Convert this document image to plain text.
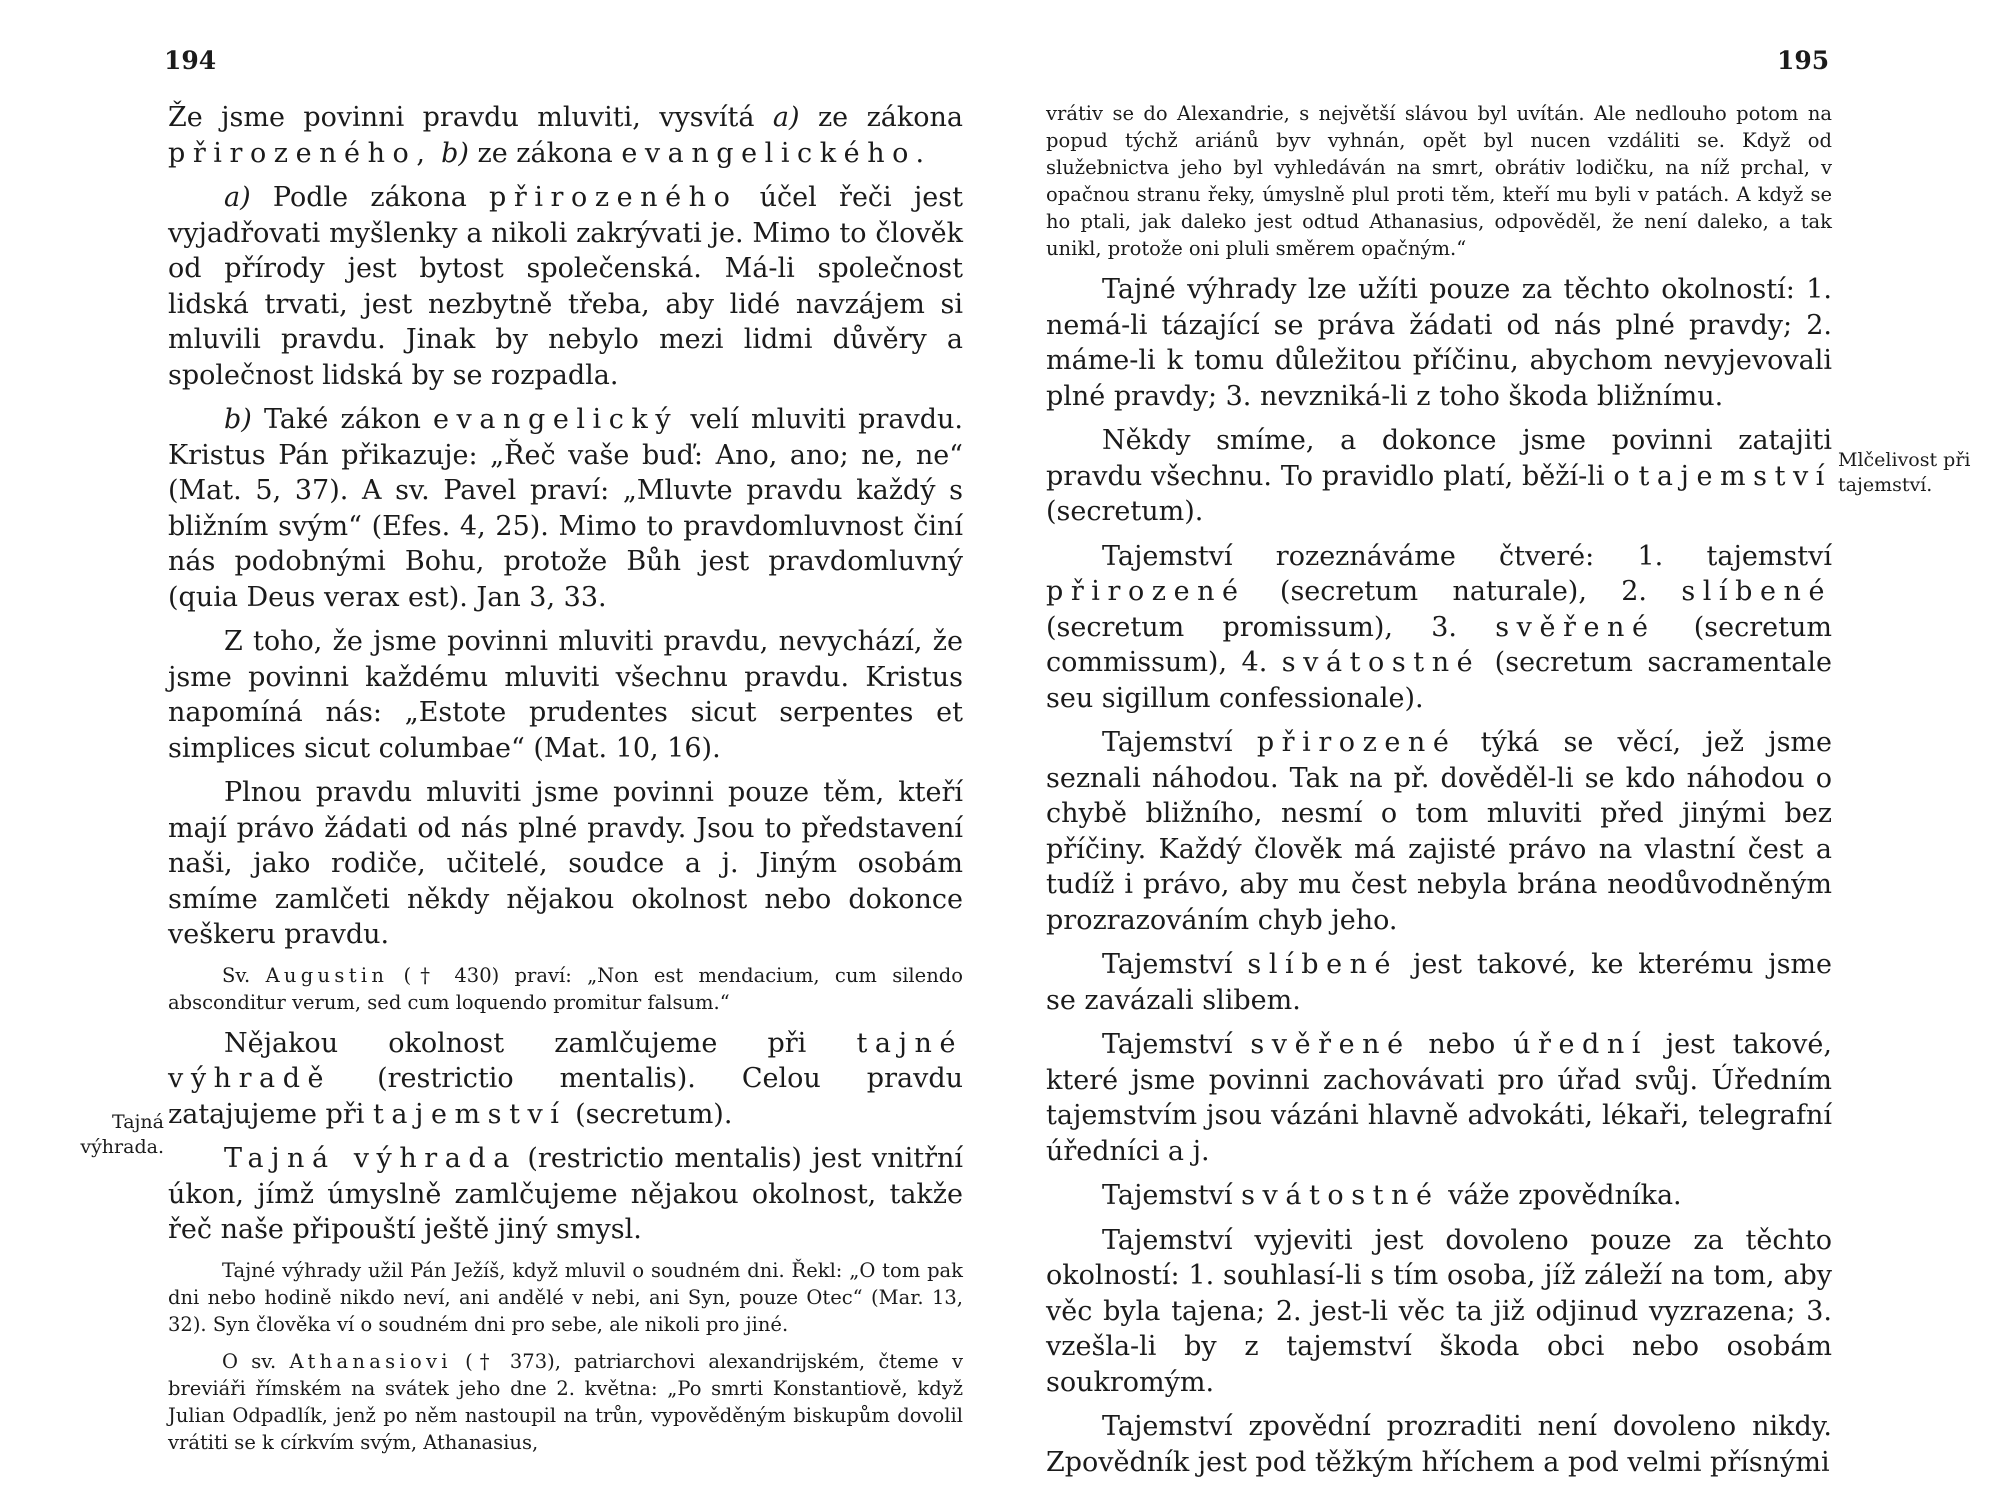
194	195

Že jsme povinni pravdu mluviti, vysvítá a) ze zákona přirozeného, b) ze zákona evangelického.

a) Podle zákona přirozeného účel řeči jest vyjadřovati myšlenky a nikoli zakrývati je. Mimo to člověk od přírody jest bytost společenská. Má-li společnost lidská trvati, jest nezbytně třeba, aby lidé navzájem si mluvili pravdu. Jinak by nebylo mezi lidmi důvěry a společnost lidská by se rozpadla.

b) Také zákon evangelický velí mluviti pravdu. Kristus Pán přikazuje: „Řeč vaše buď: Ano, ano; ne, ne“ (Mat. 5, 37). A sv. Pavel praví: „Mluvte pravdu každý s bližním svým“ (Efes. 4, 25). Mimo to pravdomluvnost činí nás podobnými Bohu, protože Bůh jest pravdomluvný (quia Deus verax est). Jan 3, 33.

Z toho, že jsme povinni mluviti pravdu, nevychází, že jsme povinni každému mluviti všechnu pravdu. Kristus napomíná nás: „Estote prudentes sicut serpentes et simplices sicut columbae“ (Mat. 10, 16).

Plnou pravdu mluviti jsme povinni pouze těm, kteří mají právo žádati od nás plné pravdy. Jsou to představení naši, jako rodiče, učitelé, soudce a j. Jiným osobám smíme zamlčeti někdy nějakou okolnost nebo dokonce veškeru pravdu.

Sv. Augustin († 430) praví: „Non est mendacium, cum silendo absconditur verum, sed cum loquendo promitur falsum.“

Nějakou okolnost zamlčujeme při tajné výhradě (restrictio mentalis). Celou pravdu zatajujeme při tajemství (secretum).

Tajná výhrada (restrictio mentalis) jest vnitřní úkon, jímž úmyslně zamlčujeme nějakou okolnost, takže řeč naše připouští ještě jiný smysl.

Tajné výhrady užil Pán Ježíš, když mluvil o soudném dni. Řekl: „O tom pak dni nebo hodině nikdo neví, ani andělé v nebi, ani Syn, pouze Otec“ (Mar. 13, 32). Syn člověka ví o soudném dni pro sebe, ale nikoli pro jiné.

O sv. Athanasiovi († 373), patriarchovi alexandrijském, čteme v breviáři římském na svátek jeho dne 2. května: „Po smrti Konstantiově, když Julian Odpadlík, jenž po něm nastoupil na trůn, vypověděným biskupům dovolil vrátiti se k církvím svým, Athanasius,

Tajná výhrada.

vrátiv se do Alexandrie, s největší slávou byl uvítán. Ale nedlouho potom na popud týchž ariánů byv vyhnán, opět byl nucen vzdáliti se. Když od služebnictva jeho byl vyhledáván na smrt, obrátiv lodičku, na níž prchal, v opačnou stranu řeky, úmyslně plul proti těm, kteří mu byli v patách. A když se ho ptali, jak daleko jest odtud Athanasius, odpověděl, že není daleko, a tak unikl, protože oni pluli směrem opačným.“

Tajné výhrady lze užíti pouze za těchto okolností: 1. nemá-li tázající se práva žádati od nás plné pravdy; 2. máme-li k tomu důležitou příčinu, abychom nevyjevovali plné pravdy; 3. nevzniká-li z toho škoda bližnímu.

Někdy smíme, a dokonce jsme povinni zatajiti pravdu všechnu. To pravidlo platí, běží-li o tajemství (secretum).

Tajemství rozeznáváme čtveré: 1. tajemství přirozené (secretum naturale), 2. slíbené (secretum promissum), 3. svěřené (secretum commissum), 4. svátostné (secretum sacramentale seu sigillum confessionale).

Tajemství přirozené týká se věcí, jež jsme seznali náhodou. Tak na př. dověděl-li se kdo náhodou o chybě bližního, nesmí o tom mluviti před jinými bez příčiny. Každý člověk má zajisté právo na vlastní čest a tudíž i právo, aby mu čest nebyla brána neodůvodněným prozrazováním chyb jeho.

Tajemství slíbené jest takové, ke kterému jsme se zavázali slibem.

Tajemství svěřené nebo úřední jest takové, které jsme povinni zachovávati pro úřad svůj. Úředním tajemstvím jsou vázáni hlavně advokáti, lékaři, telegrafní úředníci a j.

Tajemství svátostné váže zpovědníka.

Tajemství vyjeviti jest dovoleno pouze za těchto okolností: 1. souhlasí-li s tím osoba, jíž záleží na tom, aby věc byla tajena; 2. jest-li věc ta již odjinud vyzrazena; 3. vzešla-li by z tajemství škoda obci nebo osobám soukromým.

Tajemství zpovědní prozraditi není dovoleno nikdy. Zpovědník jest pod těžkým hříchem a pod velmi přísnými

Mlčelivost při tajemství.
